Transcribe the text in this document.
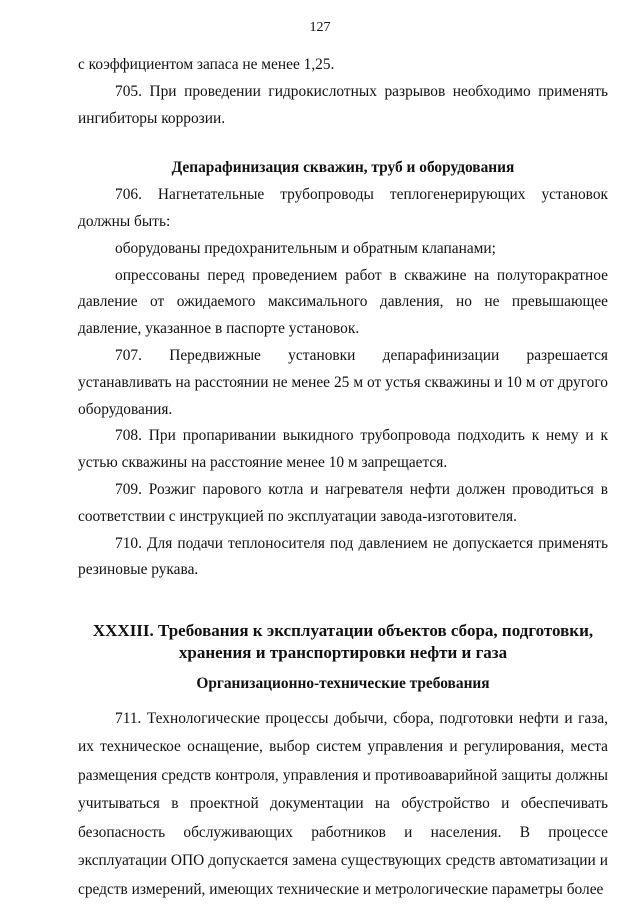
127

с коэффициентом запаса не менее 1,25.

705. При проведении гидрокислотных разрывов необходимо применять ингибиторы коррозии.

Депарафинизация скважин, труб и оборудования

706. Нагнетательные трубопроводы теплогенерирующих установок должны быть:

оборудованы предохранительным и обратным клапанами;

опрессованы перед проведением работ в скважине на полуторакратное давление от ожидаемого максимального давления, но не превышающее давление, указанное в паспорте установок.

707. Передвижные установки депарафинизации разрешается устанавливать на расстоянии не менее 25 м от устья скважины и 10 м от другого оборудования.

708. При пропаривании выкидного трубопровода подходить к нему и к устью скважины на расстояние менее 10 м запрещается.

709. Розжиг парового котла и нагревателя нефти должен проводиться в соответствии с инструкцией по эксплуатации завода-изготовителя.

710. Для подачи теплоносителя под давлением не допускается применять резиновые рукава.

XXXIII. Требования к эксплуатации объектов сбора, подготовки, хранения и транспортировки нефти и газа

Организационно-технические требования

711. Технологические процессы добычи, сбора, подготовки нефти и газа, их техническое оснащение, выбор систем управления и регулирования, места размещения средств контроля, управления и противоаварийной защиты должны учитываться в проектной документации на обустройство и обеспечивать безопасность обслуживающих работников и населения. В процессе эксплуатации ОПО допускается замена существующих средств автоматизации и средств измерений, имеющих технические и метрологические параметры более
